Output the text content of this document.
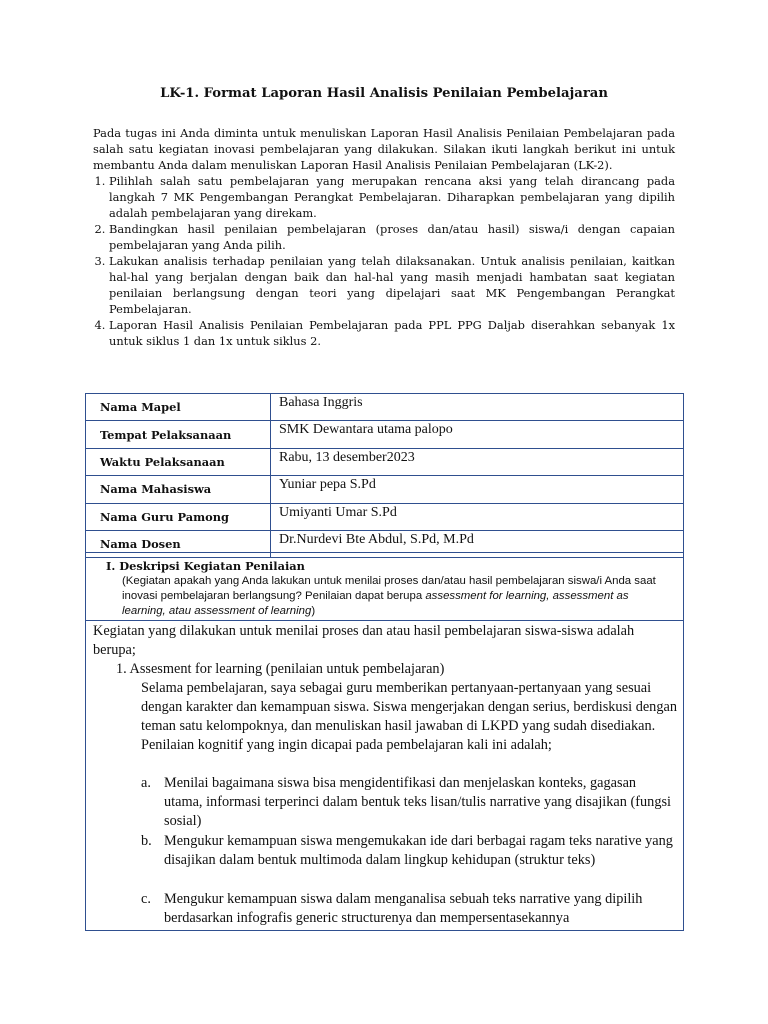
LK-1. Format Laporan Hasil Analisis Penilaian Pembelajaran

Pada tugas ini Anda diminta untuk menuliskan Laporan Hasil Analisis Penilaian Pembelajaran pada salah satu kegiatan inovasi pembelajaran yang dilakukan. Silakan ikuti langkah berikut ini untuk membantu Anda dalam menuliskan Laporan Hasil Analisis Penilaian Pembelajaran (LK-2).

1. Pilihlah salah satu pembelajaran yang merupakan rencana aksi yang telah dirancang pada langkah 7 MK Pengembangan Perangkat Pembelajaran. Diharapkan pembelajaran yang dipilih adalah pembelajaran yang direkam.
2. Bandingkan hasil penilaian pembelajaran (proses dan/atau hasil) siswa/i dengan capaian pembelajaran yang Anda pilih.
3. Lakukan analisis terhadap penilaian yang telah dilaksanakan. Untuk analisis penilaian, kaitkan hal-hal yang berjalan dengan baik dan hal-hal yang masih menjadi hambatan saat kegiatan penilaian berlangsung dengan teori yang dipelajari saat MK Pengembangan Perangkat Pembelajaran.
4. Laporan Hasil Analisis Penilaian Pembelajaran pada PPL PPG Daljab diserahkan sebanyak 1x untuk siklus 1 dan 1x untuk siklus 2.
Nama Mapel	Bahasa Inggris
Tempat Pelaksanaan	SMK Dewantara utama palopo
Waktu Pelaksanaan	Rabu, 13 desember2023
Nama Mahasiswa	Yuniar pepa S.Pd
Nama Guru Pamong	Umiyanti Umar S.Pd
Nama Dosen	Dr.Nurdevi Bte Abdul, S.Pd, M.Pd
I. Deskripsi Kegiatan Penilaian
(Kegiatan apakah yang Anda lakukan untuk menilai proses dan/atau hasil pembelajaran siswa/i Anda saat inovasi pembelajaran berlangsung? Penilaian dapat berupa assessment for learning, assessment as learning, atau assessment of learning)
Kegiatan yang dilakukan untuk menilai proses dan atau hasil pembelajaran siswa-siswa adalah berupa;
1. Assesment for learning (penilaian untuk pembelajaran)
Selama pembelajaran, saya sebagai guru memberikan pertanyaan-pertanyaan yang sesuai dengan karakter dan kemampuan siswa. Siswa mengerjakan dengan serius, berdiskusi dengan teman satu kelompoknya, dan menuliskan hasil jawaban di LKPD yang sudah disediakan. Penilaian kognitif yang ingin dicapai pada pembelajaran kali ini adalah;
a. Menilai bagaimana siswa bisa mengidentifikasi dan menjelaskan konteks, gagasan utama, informasi terperinci dalam bentuk teks lisan/tulis narrative yang disajikan (fungsi sosial)
b. Mengukur kemampuan siswa mengemukakan ide dari berbagai ragam teks narative yang disajikan dalam bentuk multimoda dalam lingkup kehidupan (struktur teks)
c. Mengukur kemampuan siswa dalam menganalisa sebuah teks narrative yang dipilih berdasarkan infografis generic structurenya dan mempersentasekannya
